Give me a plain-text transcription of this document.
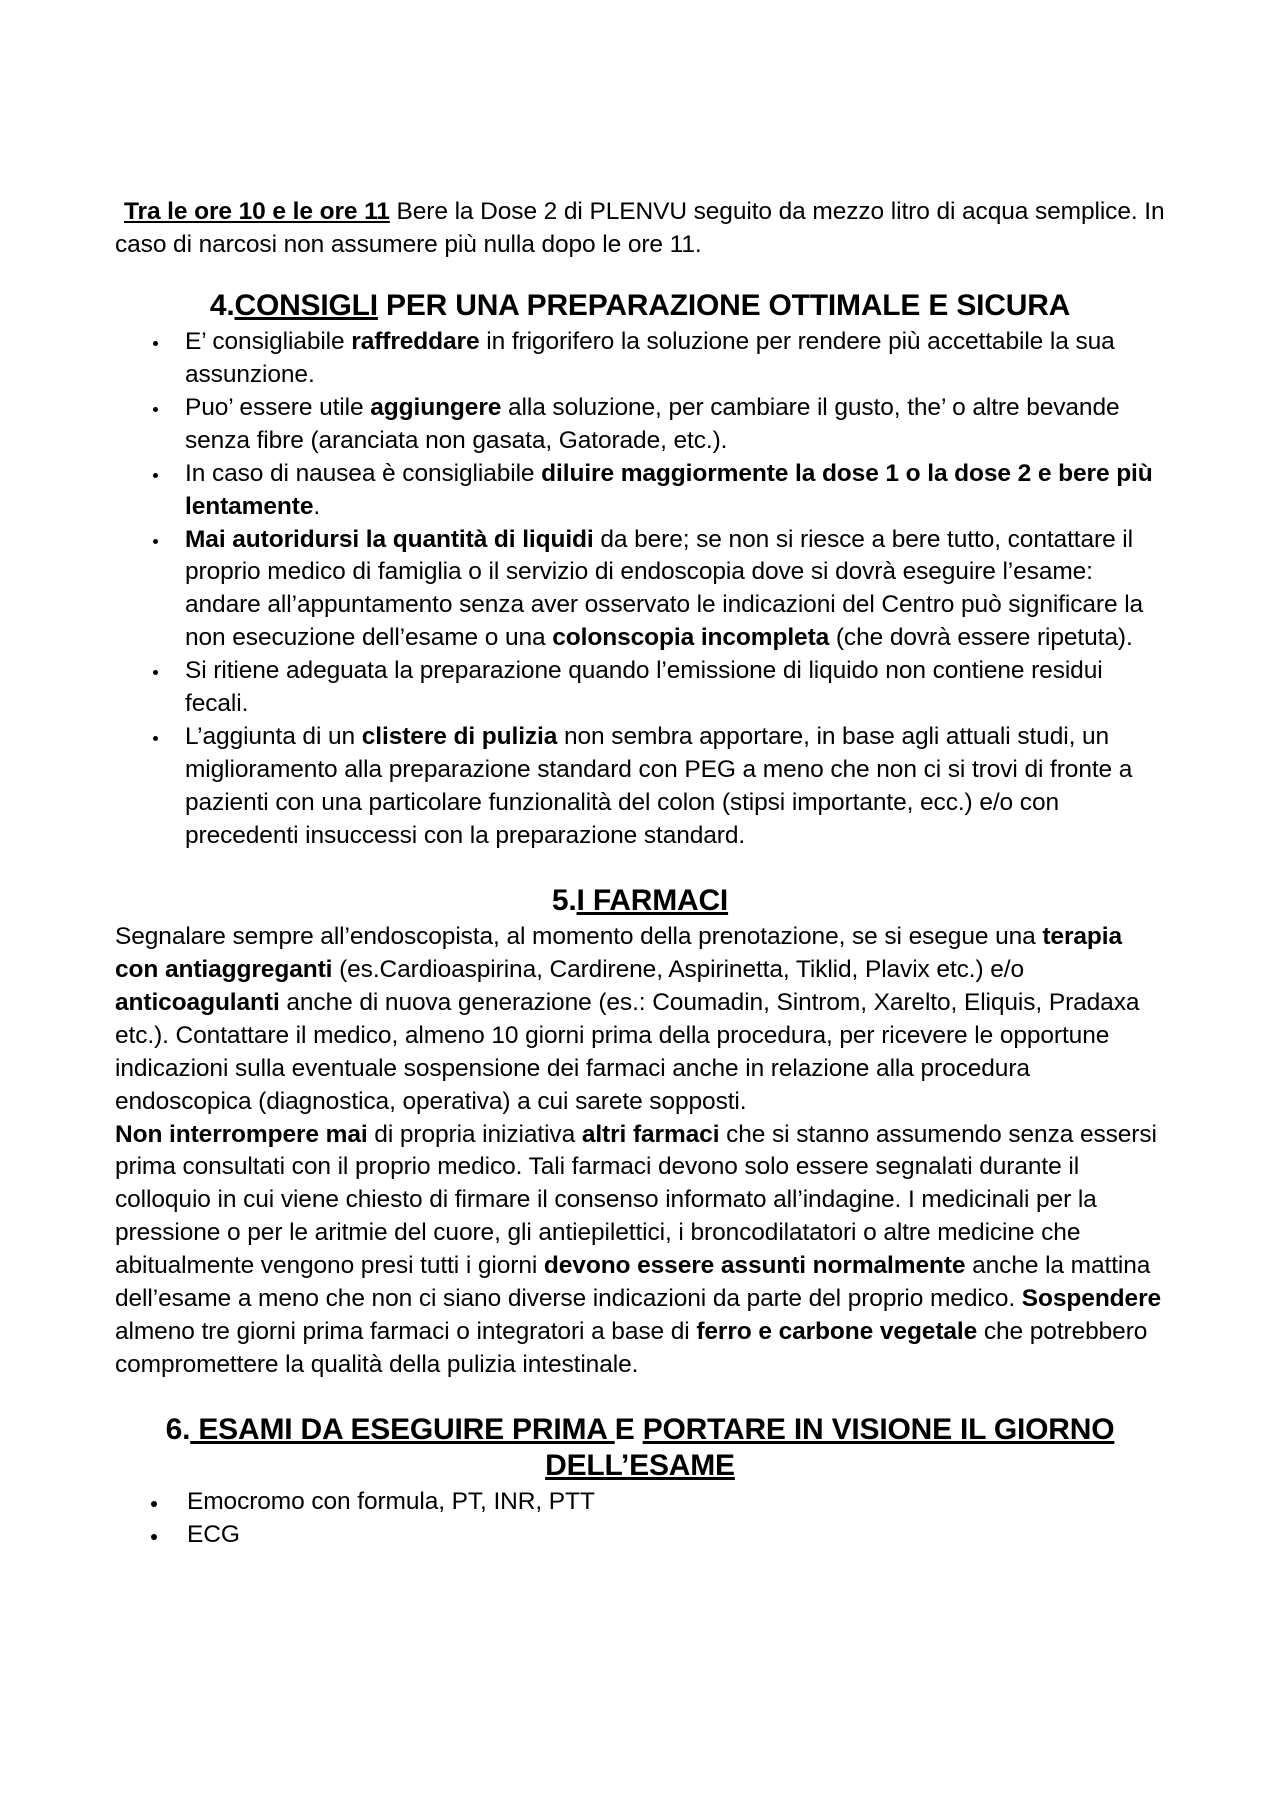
Tra le ore 10 e le ore 11 Bere la Dose 2 di PLENVU seguito da mezzo litro di acqua semplice. In caso di narcosi non assumere più nulla dopo le ore 11.

4.CONSIGLI PER UNA PREPARAZIONE OTTIMALE E SICURA
E’ consigliabile raffreddare in frigorifero la soluzione per rendere più accettabile la sua assunzione.
Puo’ essere utile aggiungere alla soluzione, per cambiare il gusto, the’ o altre bevande senza fibre (aranciata non gasata, Gatorade, etc.).
In caso di nausea è consigliabile diluire maggiormente la dose 1 o la dose 2 e bere più lentamente.
Mai autoridursi la quantità di liquidi da bere; se non si riesce a bere tutto, contattare il proprio medico di famiglia o il servizio di endoscopia dove si dovrà eseguire l’esame: andare all’appuntamento senza aver osservato le indicazioni del Centro può significare la non esecuzione dell’esame o una colonscopia incompleta (che dovrà essere ripetuta).
Si ritiene adeguata la preparazione quando l’emissione di liquido non contiene residui fecali.
L’aggiunta di un clistere di pulizia non sembra apportare, in base agli attuali studi, un miglioramento alla preparazione standard con PEG a meno che non ci si trovi di fronte a pazienti con una particolare funzionalità del colon (stipsi importante, ecc.) e/o con precedenti insuccessi con la preparazione standard.
5.I FARMACI

Segnalare sempre all’endoscopista, al momento della prenotazione, se si esegue una terapia con antiaggreganti (es.Cardioaspirina, Cardirene, Aspirinetta, Tiklid, Plavix etc.) e/o anticoagulanti anche di nuova generazione (es.: Coumadin, Sintrom, Xarelto, Eliquis, Pradaxa etc.). Contattare il medico, almeno 10 giorni prima della procedura, per ricevere le opportune indicazioni sulla eventuale sospensione dei farmaci anche in relazione alla procedura endoscopica (diagnostica, operativa) a cui sarete sopposti.

Non interrompere mai di propria iniziativa altri farmaci che si stanno assumendo senza essersi prima consultati con il proprio medico. Tali farmaci devono solo essere segnalati durante il colloquio in cui viene chiesto di firmare il consenso informato all’indagine. I medicinali per la pressione o per le aritmie del cuore, gli antiepilettici, i broncodilatatori o altre medicine che abitualmente vengono presi tutti i giorni devono essere assunti normalmente anche la mattina dell’esame a meno che non ci siano diverse indicazioni da parte del proprio medico. Sospendere almeno tre giorni prima farmaci o integratori a base di ferro e carbone vegetale che potrebbero compromettere la qualità della pulizia intestinale.

6. ESAMI DA ESEGUIRE PRIMA E PORTARE IN VISIONE IL GIORNO
DELL’ESAME
Emocromo con formula, PT, INR, PTT
ECG
